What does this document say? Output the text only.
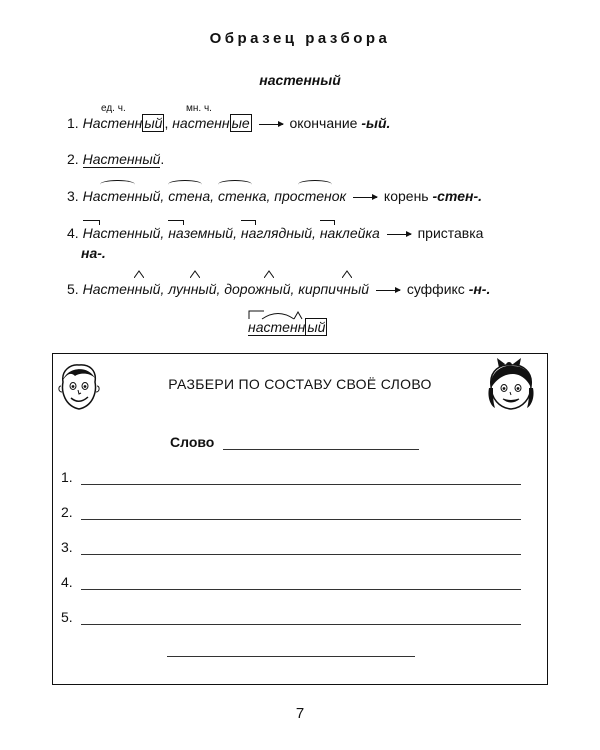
Образец разбора
настенный
ед. ч.	мн. ч.
1. Настенн ый , настенн ые	окончание -ый.
2. Настенный.
3. На
стенный, стена, стенка, про
стенок	корень -стен-.
4. Настенный, наземный, наглядный, наклейка	приставка
на-.
5. Настен
ный, лун
ный, дорож
ный, кирпич
ный	суффикс -н-.
настенн ый
РАЗБЕРИ ПО СОСТАВУ СВОЁ СЛОВО
Слово
1.
2.
3.
4.
5.
7
